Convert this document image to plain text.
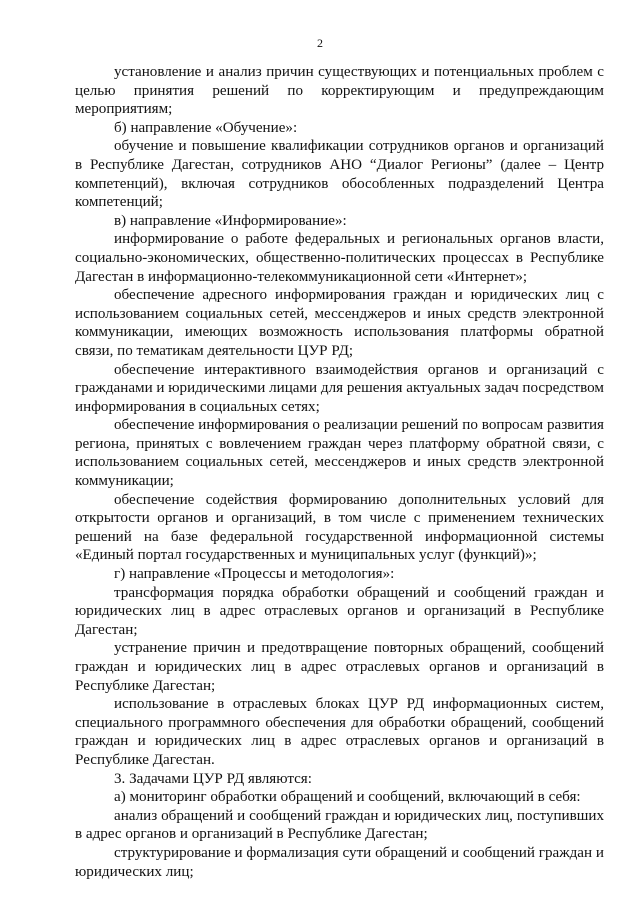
2

установление и анализ причин существующих и потенциальных проблем с целью принятия решений по корректирующим и предупреждающим мероприятиям;

б) направление «Обучение»:

обучение и повышение квалификации сотрудников органов и организаций в Республике Дагестан, сотрудников АНО “Диалог Регионы” (далее – Центр компетенций), включая сотрудников обособленных подразделений Центра компетенций;

в) направление «Информирование»:

информирование о работе федеральных и региональных органов власти, социально-экономических, общественно-политических процессах в Республике Дагестан в информационно-телекоммуникационной сети «Интернет»;

обеспечение адресного информирования граждан и юридических лиц с использованием социальных сетей, мессенджеров и иных средств электронной коммуникации, имеющих возможность использования платформы обратной связи, по тематикам деятельности ЦУР РД;

обеспечение интерактивного взаимодействия органов и организаций с гражданами и юридическими лицами для решения актуальных задач посредством информирования в социальных сетях;

обеспечение информирования о реализации решений по вопросам развития региона, принятых с вовлечением граждан через платформу обратной связи, с использованием социальных сетей, мессенджеров и иных средств электронной коммуникации;

обеспечение содействия формированию дополнительных условий для открытости органов и организаций, в том числе с применением технических решений на базе федеральной государственной информационной системы «Единый портал государственных и муниципальных услуг (функций)»;

г) направление «Процессы и методология»:

трансформация порядка обработки обращений и сообщений граждан и юридических лиц в адрес отраслевых органов и организаций в Республике Дагестан;

устранение причин и предотвращение повторных обращений, сообщений граждан и юридических лиц в адрес отраслевых органов и организаций в Республике Дагестан;

использование в отраслевых блоках ЦУР РД информационных систем, специального программного обеспечения для обработки обращений, сообщений граждан и юридических лиц в адрес отраслевых органов и организаций в Республике Дагестан.

3. Задачами ЦУР РД являются:

а) мониторинг обработки обращений и сообщений, включающий в себя:

анализ обращений и сообщений граждан и юридических лиц, поступивших в адрес органов и организаций в Республике Дагестан;

структурирование и формализация сути обращений и сообщений граждан и юридических лиц;
